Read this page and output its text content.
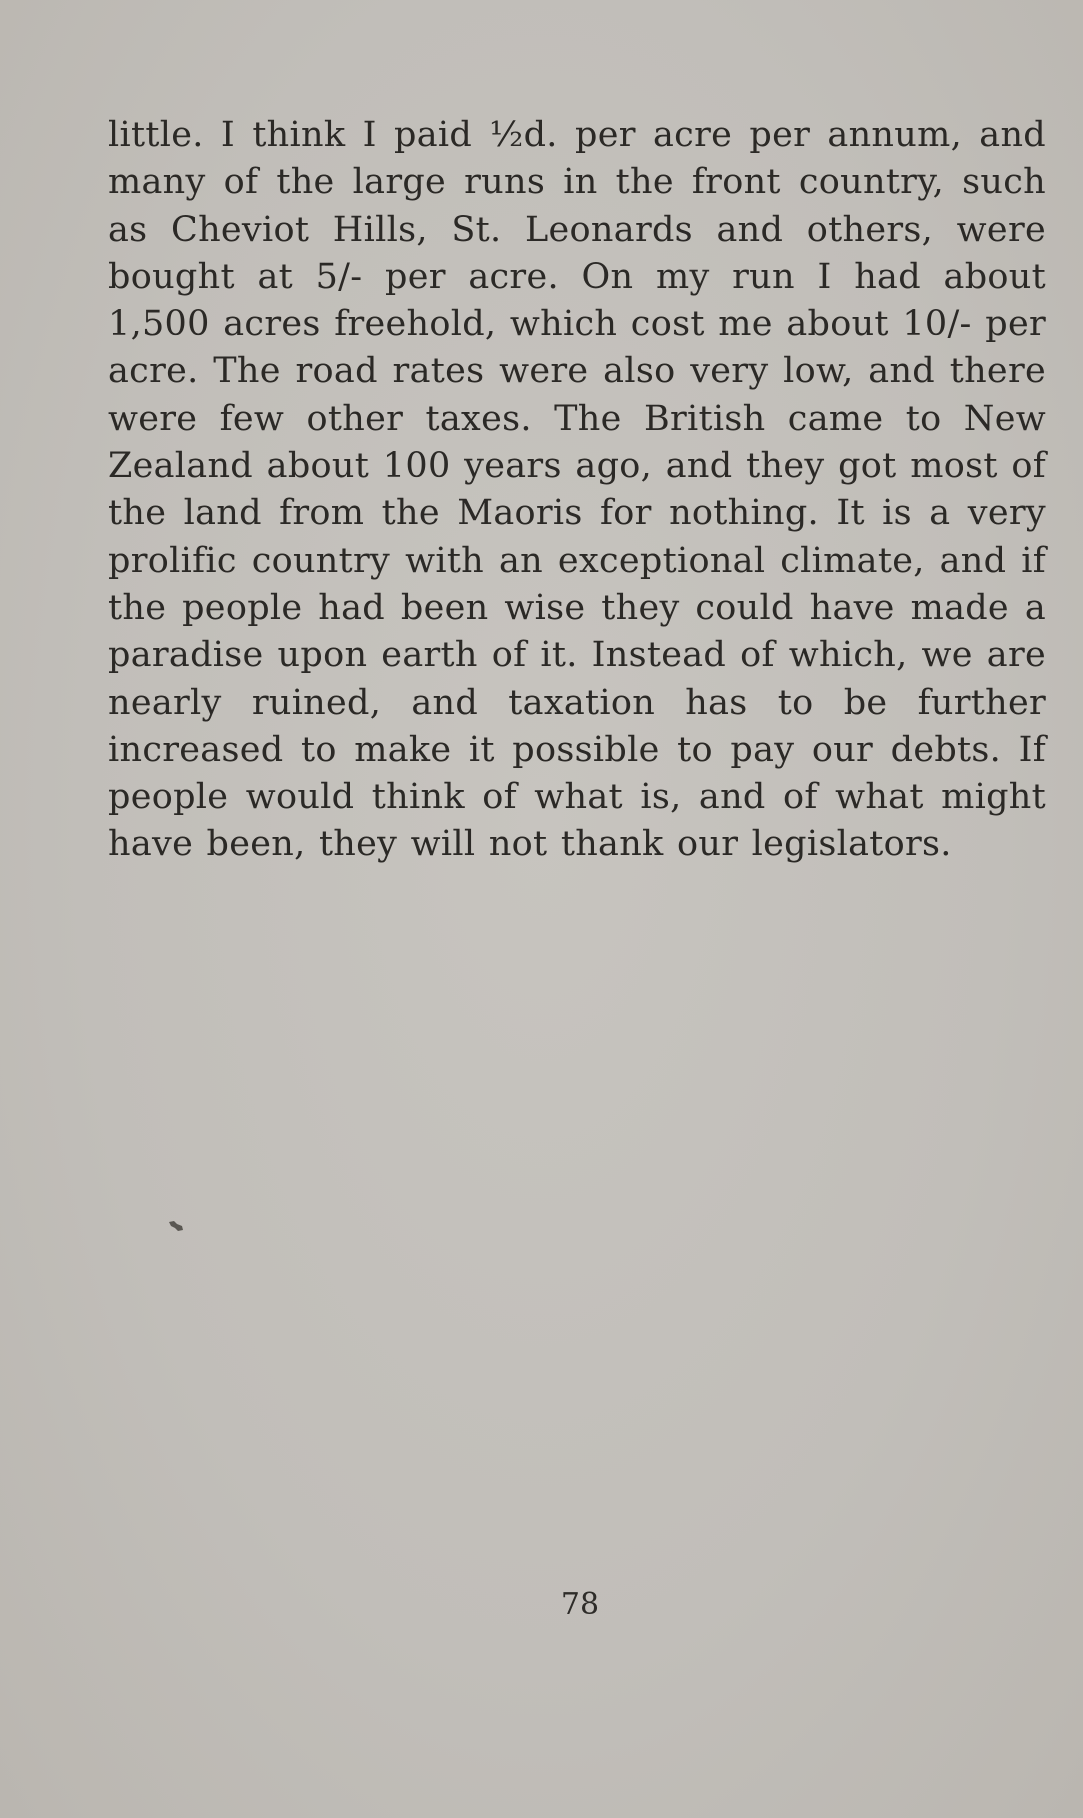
little. I think I paid ½d. per acre per annum, and many of the large runs in the front country, such as Cheviot Hills, St. Leonards and others, were bought at 5/- per acre. On my run I had about 1,500 acres freehold, which cost me about 10/- per acre. The road rates were also very low, and there were few other taxes. The British came to New Zealand about 100 years ago, and they got most of the land from the Maoris for nothing. It is a very prolific country with an exceptional climate, and if the people had been wise they could have made a paradise upon earth of it. Instead of which, we are nearly ruined, and taxation has to be further increased to make it possible to pay our debts. If people would think of what is, and of what might have been, they will not thank our legislators.

78
